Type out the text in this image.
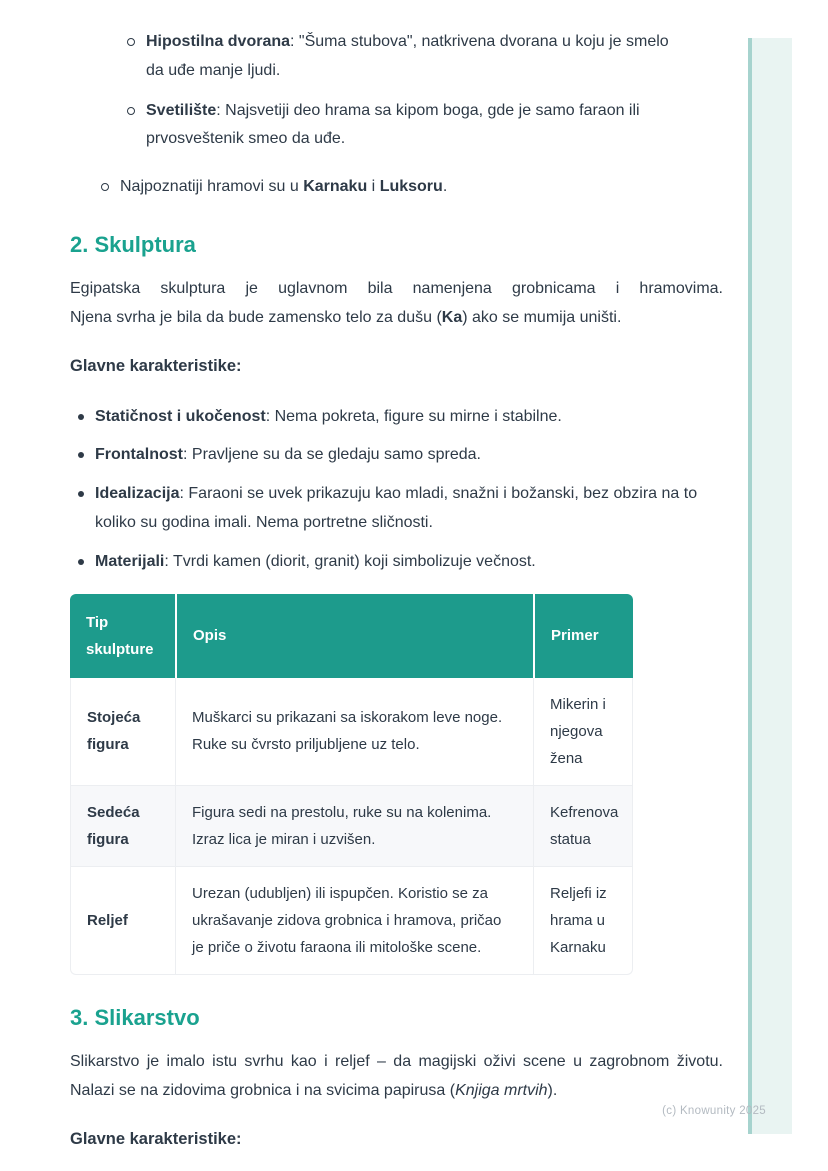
Hipostilna dvorana: "Šuma stubova", natkrivena dvorana u koju je smelo da uđe manje ljudi.
Svetilište: Najsvetiji deo hrama sa kipom boga, gde je samo faraon ili prvosveštenik smeo da uđe.
Najpoznatiji hramovi su u Karnaku i Luksoru.
2. Skulptura

Egipatska skulptura je uglavnom bila namenjena grobnicama i hramovima.
Njena svrha je bila da bude zamensko telo za dušu (Ka) ako se mumija uništi.

Glavne karakteristike:

Statičnost i ukočenost: Nema pokreta, figure su mirne i stabilne.
Frontalnost: Pravljene su da se gledaju samo spreda.
Idealizacija: Faraoni se uvek prikazuju kao mladi, snažni i božanski, bez obzira na to koliko su godina imali. Nema portretne sličnosti.
Materijali: Tvrdi kamen (diorit, granit) koji simbolizuje večnost.
Tip skulpture	Opis	Primer
Stojeća figura	Muškarci su prikazani sa iskorakom leve noge. Ruke su čvrsto priljubljene uz telo.	Mikerin i njegova žena
Sedeća figura	Figura sedi na prestolu, ruke su na kolenima. Izraz lica je miran i uzvišen.	Kefrenova statua
Reljef	Urezan (udubljen) ili ispupčen. Koristio se za ukrašavanje zidova grobnica i hramova, pričao je priče o životu faraona ili mitološke scene.	Reljefi iz hrama u Karnaku
3. Slikarstvo

Slikarstvo je imalo istu svrhu kao i reljef – da magijski oživi scene u zagrobnom životu. Nalazi se na zidovima grobnica i na svicima papirusa (Knjiga mrtvih).

Glavne karakteristike:

(c) Knowunity 2025
